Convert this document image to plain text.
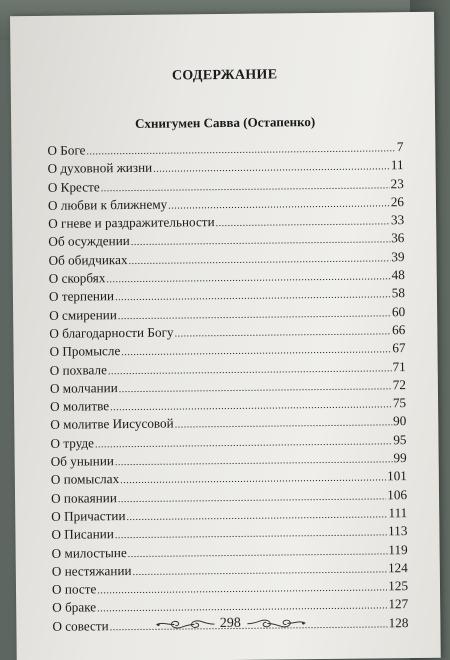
СОДЕРЖАНИЕ
Схнигумен Савва (Остапенко)
О Боге .....	7
О духовной жизни .....	11
О Кресте .....	23
О любви к ближнему .....	26
О гневе и раздражительности .....	33
Об осуждении .....	36
Об обидчиках .....	39
О скорбях .....	48
О терпении .....	58
О смирении .....	60
О благодарности Богу .....	66
О Промысле .....	67
О похвале .....	71
О молчании .....	72
О молитве .....	75
О молитве Иисусовой .....	90
О труде .....	95
Об унынии .....	99
О помыслах .....	101
О покаянии .....	106
О Причастии .....	111
О Писании .....	113
О милостыне .....	119
О нестяжании .....	124
О посте .....	125
О браке .....	127
О совести .....	128
298
